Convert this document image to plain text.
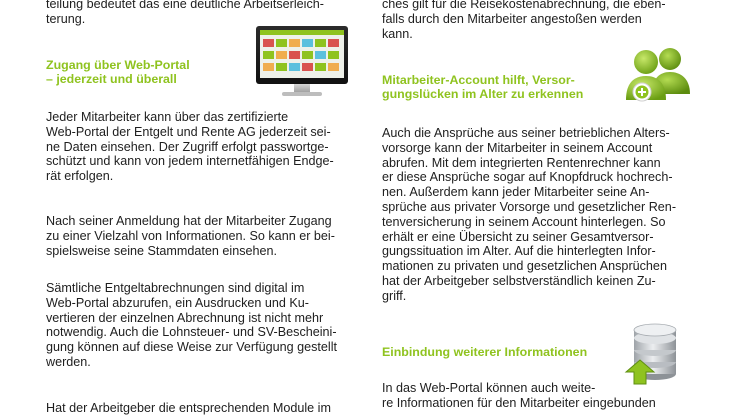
teilung bedeutet das eine deutliche Arbeitserleich-
terung.

Zugang über Web-Portal
– jederzeit und überall

Jeder Mitarbeiter kann über das zertifizierte
Web-Portal der Entgelt und Rente AG jederzeit sei-
ne Daten einsehen. Der Zugriff erfolgt passwortge-
schützt und kann von jedem internetfähigen Endge-
rät erfolgen.

Nach seiner Anmeldung hat der Mitarbeiter Zugang
zu einer Vielzahl von Informationen. So kann er bei-
spielsweise seine Stammdaten einsehen.

Sämtliche Entgeltabrechnungen sind digital im
Web-Portal abzurufen, ein Ausdrucken und Ku-
vertieren der einzelnen Abrechnung ist nicht mehr
notwendig. Auch die Lohnsteuer- und SV-Bescheini-
gung können auf diese Weise zur Verfügung gestellt
werden.

Hat der Arbeitgeber die entsprechenden Module im

ches gilt für die Reisekostenabrechnung, die eben-
falls durch den Mitarbeiter angestoßen werden
kann.

Mitarbeiter-Account hilft, Versor-
gungslücken im Alter zu erkennen

Auch die Ansprüche aus seiner betrieblichen Alters-
vorsorge kann der Mitarbeiter in seinem Account
abrufen. Mit dem integrierten Rentenrechner kann
er diese Ansprüche sogar auf Knopfdruck hochrech-
nen. Außerdem kann jeder Mitarbeiter seine An-
sprüche aus privater Vorsorge und gesetzlicher Ren-
tenversicherung in seinem Account hinterlegen. So
erhält er eine Übersicht zu seiner Gesamtversor-
gungssituation im Alter. Auf die hinterlegten Infor-
mationen zu privaten und gesetzlichen Ansprüchen
hat der Arbeitgeber selbstverständlich keinen Zu-
griff.

Einbindung weiterer Informationen

In das Web-Portal können auch weite-
re Informationen für den Mitarbeiter eingebunden
